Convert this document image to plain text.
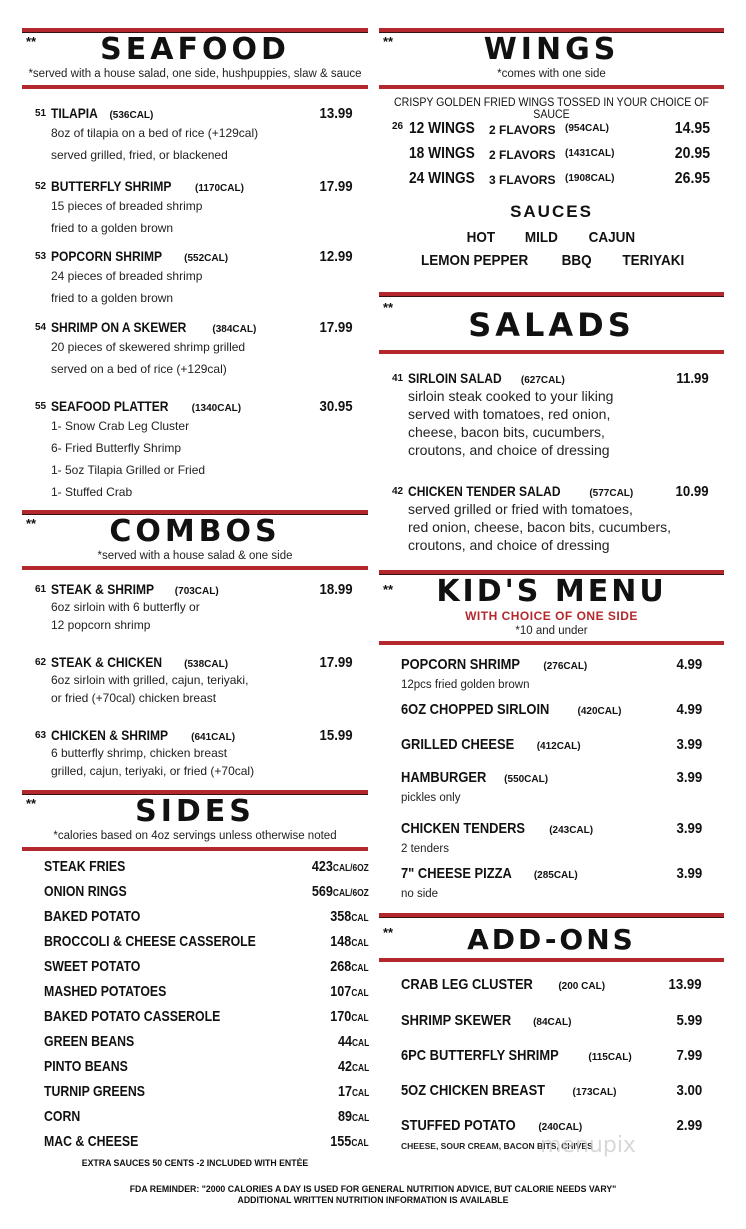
**	SEAFOOD
*served with a house salad, one side, hushpuppies, slaw & sauce
51 TILAPIA (536CAL)	13.99
8oz of tilapia on a bed of rice (+129cal)
served grilled, fried, or blackened
52 BUTTERFLY SHRIMP (1170CAL)	17.99
15 pieces of breaded shrimp
fried to a golden brown
53 POPCORN SHRIMP (552CAL)	12.99
24 pieces of breaded shrimp
fried to a golden brown
54 SHRIMP ON A SKEWER	(384CAL)	17.99
20 pieces of skewered shrimp grilled
served on a bed of rice (+129cal)
55 SEAFOOD PLATTER (1340CAL)	30.95
1- Snow Crab Leg Cluster
6- Fried Butterfly Shrimp
1- 5oz Tilapia Grilled or Fried
1- Stuffed Crab
**	COMBOS
*served with a house salad & one side
61 STEAK & SHRIMP (703CAL)	18.99
6oz sirloin with 6 butterfly or
12 popcorn shrimp
62 STEAK & CHICKEN (538CAL)	17.99
6oz sirloin with grilled, cajun, teriyaki,
or fried (+70cal) chicken breast
63 CHICKEN & SHRIMP (641CAL)	15.99
6 butterfly shrimp, chicken breast
grilled, cajun, teriyaki, or fried (+70cal)
**	SIDES
*calories based on 4oz servings unless otherwise noted
STEAK FRIES	423CAL/6OZ
ONION RINGS	569CAL/6OZ
BAKED POTATO	358CAL
BROCCOLI & CHEESE CASSEROLE	148CAL
SWEET POTATO	268CAL
MASHED POTATOES	107CAL
BAKED POTATO CASSEROLE	170CAL
GREEN BEANS	44CAL
PINTO BEANS	42CAL
TURNIP GREENS	17CAL
CORN	89CAL
MAC & CHEESE	155CAL
EXTRA SAUCES 50 CENTS -2 INCLUDED WITH ENTÉE
**	WINGS
*comes with one side
CRISPY GOLDEN FRIED WINGS TOSSED IN YOUR CHOICE OF SAUCE
26 12 WINGS 2 FLAVORS (954CAL)	14.95
18 WINGS 2 FLAVORS (1431CAL)	20.95
24 WINGS 3 FLAVORS (1908CAL)	26.95
SAUCES
HOT MILD CAJUN
LEMON PEPPER BBQ TERIYAKI
**	SALADS
41 SIRLOIN SALAD (627CAL)	11.99
sirloin steak cooked to your liking
served with tomatoes, red onion,
cheese, bacon bits, cucumbers,
croutons, and choice of dressing
42 CHICKEN TENDER SALAD	(577CAL)	10.99
served grilled or fried with tomatoes,
red onion, cheese, bacon bits, cucumbers,
croutons, and choice of dressing
**	KID'S MENU
WITH CHOICE OF ONE SIDE
*10 and under
POPCORN SHRIMP (276CAL)	4.99
12pcs fried golden brown
6OZ CHOPPED SIRLOIN	(420CAL)	4.99
GRILLED CHEESE (412CAL)	3.99
HAMBURGER (550CAL)	3.99
pickles only
CHICKEN TENDERS (243CAL)	3.99
2 tenders
7" CHEESE PIZZA (285CAL)	3.99
no side
**	ADD-ONS
CRAB LEG CLUSTER	(200 CAL)	13.99
SHRIMP SKEWER (84CAL)	5.99
6PC BUTTERFLY SHRIMP	(115CAL)	7.99
5OZ CHICKEN BREAST	(173CAL)	3.00
STUFFED POTATO (240CAL)	2.99
CHEESE, SOUR CREAM, BACON BITS, CHIVES
menupix
FDA REMINDER: "2000 CALORIES A DAY IS USED FOR GENERAL NUTRITION ADVICE, BUT CALORIE NEEDS VARY"
ADDITIONAL WRITTEN NUTRITION INFORMATION IS AVAILABLE
